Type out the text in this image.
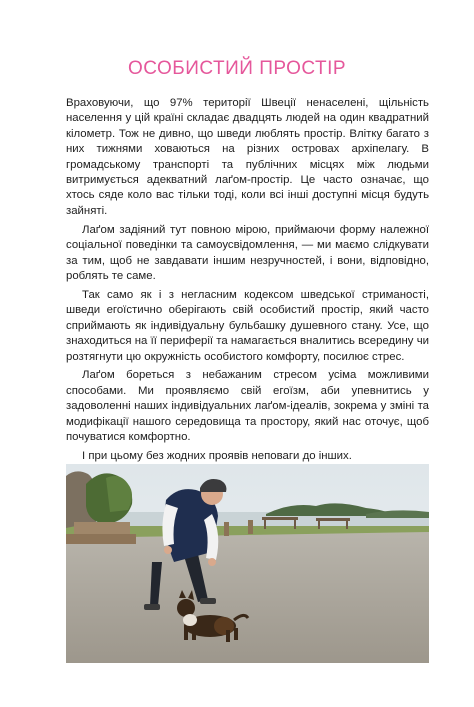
ОСОБИСТИЙ ПРОСТІР

Враховуючи, що 97% території Швеції ненаселені, щільність населення у цій країні складає двадцять людей на один квадратний кілометр. Тож не дивно, що шведи люблять простір. Влітку багато з них тижнями ховаються на різних островах архіпелагу. В громадському транспорті та публічних місцях між людьми витримується адекватний лаґом-простір. Це часто означає, що хтось сяде коло вас тільки тоді, коли всі інші доступні місця будуть зайняті.

Лаґом задіяний тут повною мірою, приймаючи форму належної соціальної поведінки та самоусвідомлення, — ми маємо слідкувати за тим, щоб не завдавати іншим незручностей, і вони, відповідно, роблять те саме.

Так само як і з негласним кодексом шведської стриманості, шведи егоїстично оберігають свій особистий простір, який часто сприймають як індивідуальну бульбашку душевного стану. Усе, що знаходиться на її периферії та намагається вналитись всередину чи розтягнути цю окружність особистого комфорту, посилює стрес.

Лаґом бореться з небажаним стресом усіма можливими способами. Ми проявляємо свій егоїзм, аби упевнитись у задоволенні наших індивідуальних лаґом-ідеалів, зокрема у зміні та модифікації нашого середовища та простору, який нас оточує, щоб почуватися комфортно.

І при цьому без жодних проявів неповаги до інших.
